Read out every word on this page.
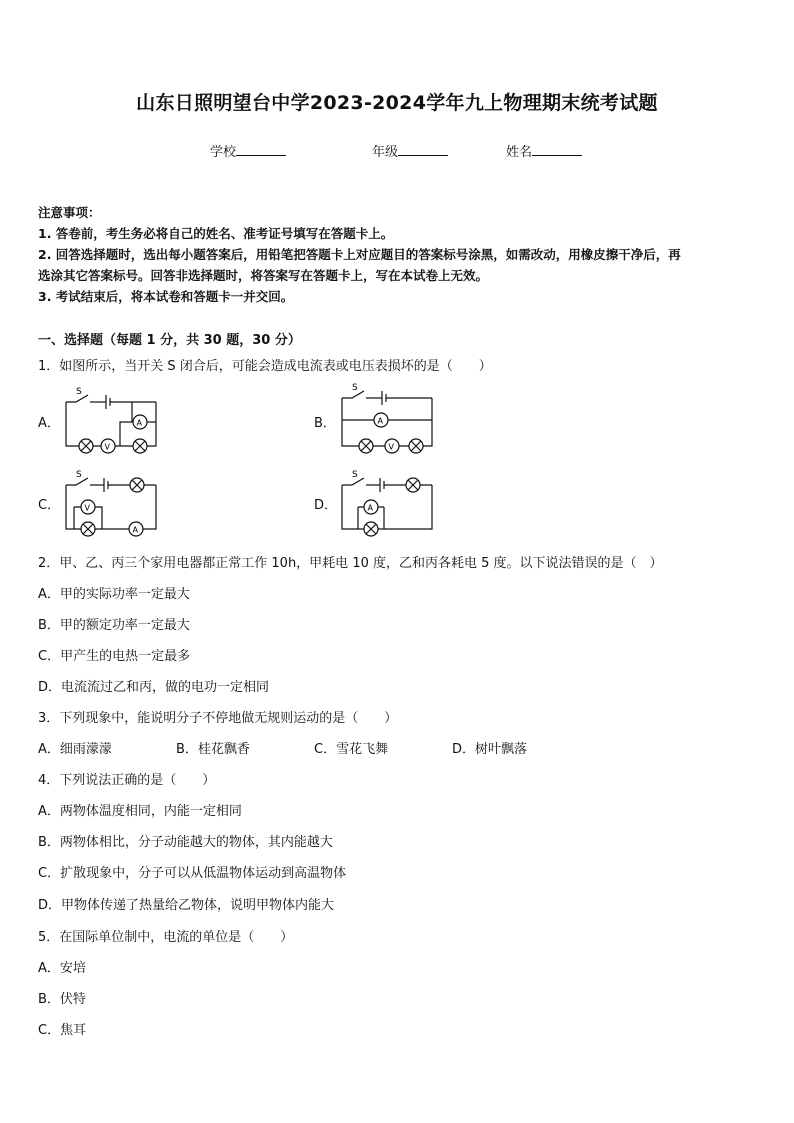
山东日照明望台中学2023-2024学年九上物理期末统考试题
学校	年级	姓名
注意事项：
1. 答卷前，考生务必将自己的姓名、准考证号填写在答题卡上。
2. 回答选择题时，选出每小题答案后，用铅笔把答题卡上对应题目的答案标号涂黑，如需改动，用橡皮擦干净后，再
选涂其它答案标号。回答非选择题时，将答案写在答题卡上，写在本试卷上无效。
3. 考试结束后，将本试卷和答题卡一并交回。
一、选择题（每题 1 分，共 30 题，30 分）
1．如图所示，当开关 S 闭合后，可能会造成电流表或电压表损坏的是（　　）
A．	B．
C．	D．
S
A
V
S
A
V
S
V
A
S
A
2．甲、乙、丙三个家用电器都正常工作 10h，甲耗电 10 度，乙和丙各耗电 5 度。以下说法错误的是（　）
A．甲的实际功率一定最大
B．甲的额定功率一定最大
C．甲产生的电热一定最多
D．电流流过乙和丙，做的电功一定相同
3．下列现象中，能说明分子不停地做无规则运动的是（　　）
A．细雨濛濛	B．桂花飘香	C．雪花飞舞	D．树叶飘落
4．下列说法正确的是（　　）
A．两物体温度相同，内能一定相同
B．两物体相比，分子动能越大的物体，其内能越大
C．扩散现象中，分子可以从低温物体运动到高温物体
D．甲物体传递了热量给乙物体，说明甲物体内能大
5．在国际单位制中，电流的单位是（　　）
A．安培
B．伏特
C．焦耳
